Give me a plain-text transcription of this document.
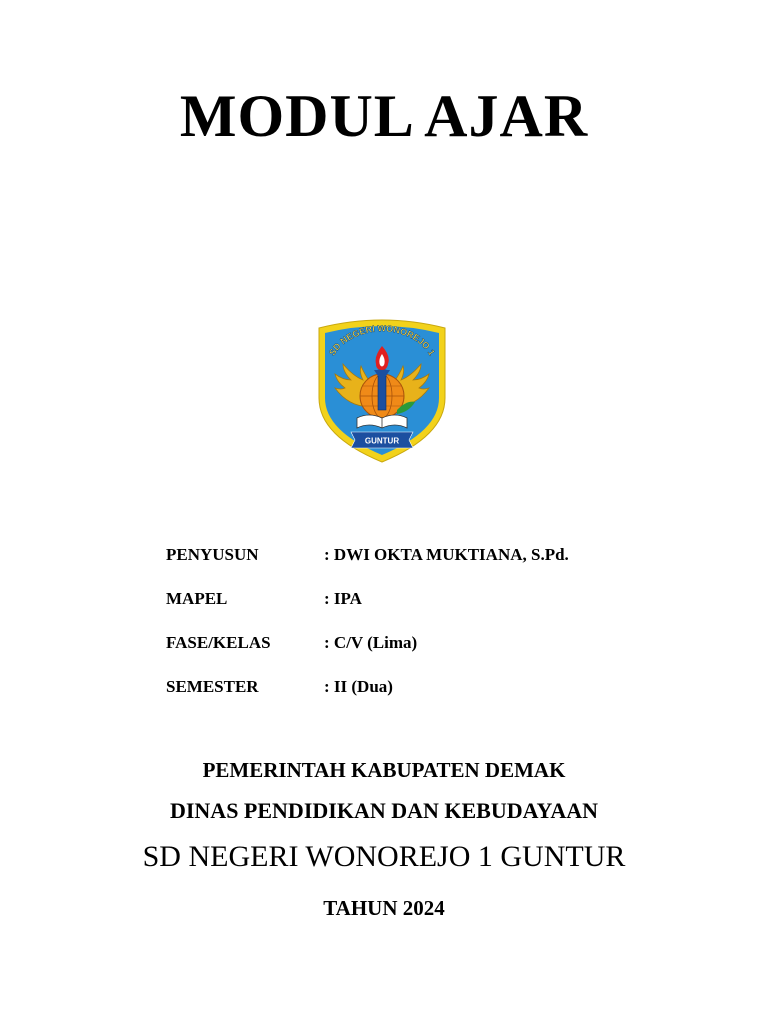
MODUL AJAR
SD NEGERI WONOREJO 1
GUNTUR
PENYUSUN	: DWI OKTA MUKTIANA, S.Pd.
MAPEL	: IPA
FASE/KELAS	: C/V (Lima)
SEMESTER	: II (Dua)
PEMERINTAH KABUPATEN DEMAK
DINAS PENDIDIKAN DAN KEBUDAYAAN
SD NEGERI WONOREJO 1 GUNTUR
TAHUN 2024
